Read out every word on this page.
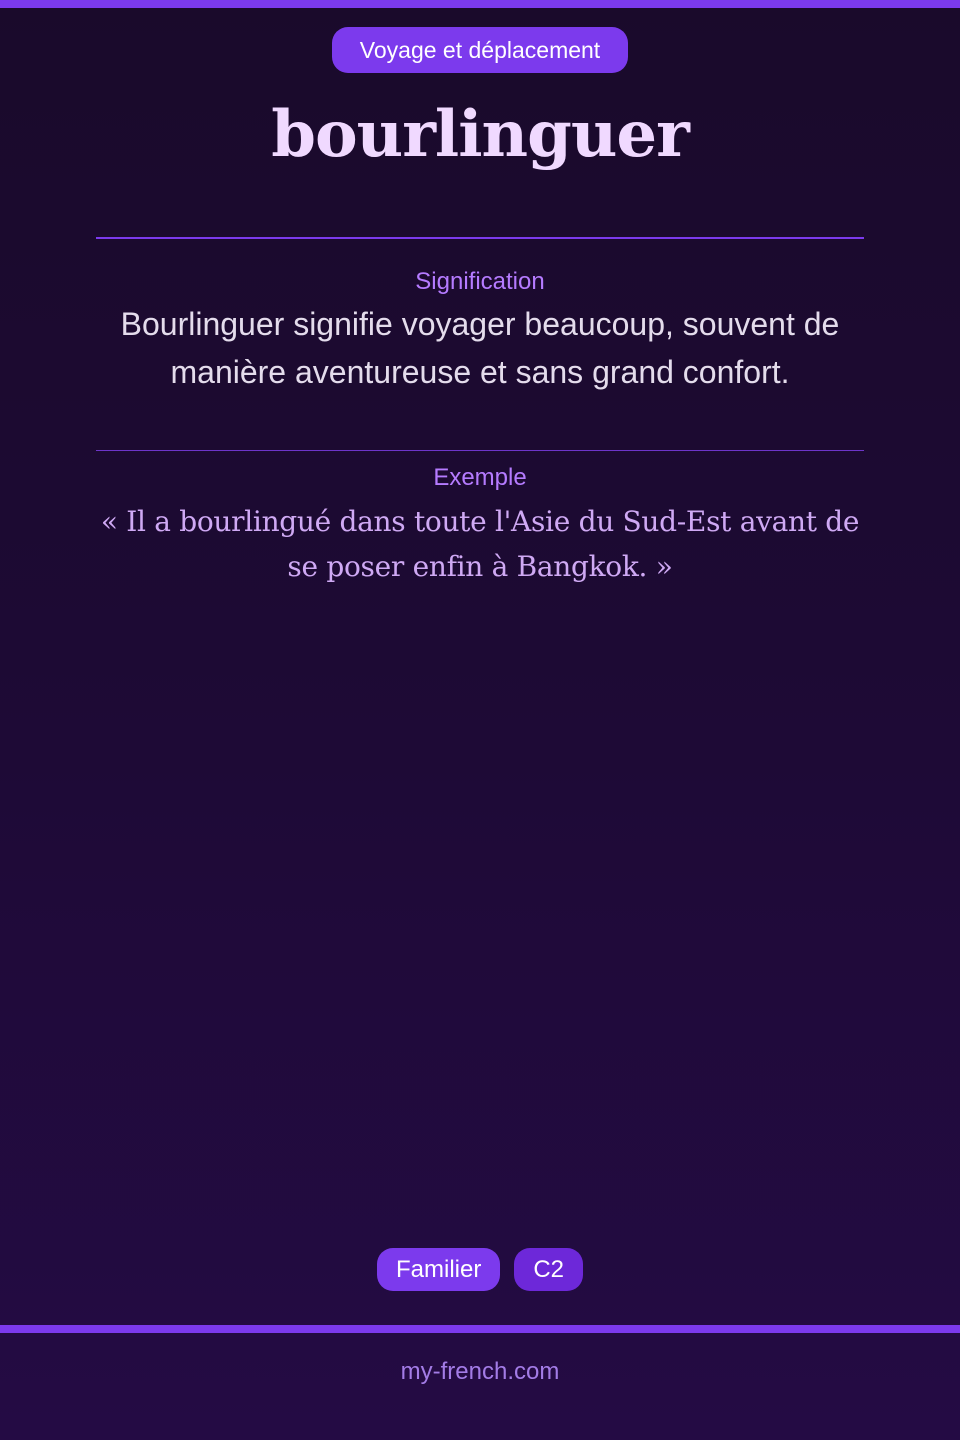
Voyage et déplacement
bourlinguer
Signification
Bourlinguer signifie voyager beaucoup, souvent de manière aventureuse et sans grand confort.
Exemple
« Il a bourlingué dans toute l'Asie du Sud-Est avant de se poser enfin à Bangkok. »
Familier	C2
my-french.com
